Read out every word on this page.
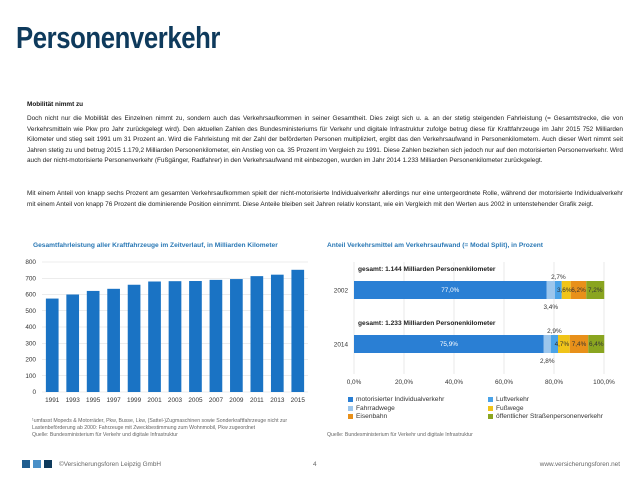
Personenverkehr
Mobilität nimmt zu
Doch nicht nur die Mobilität des Einzelnen nimmt zu, sondern auch das Verkehrsaufkommen in seiner Gesamtheit. Dies zeigt sich u. a. an der stetig steigenden Fahrleistung (= Gesamtstrecke, die von Verkehrsmitteln wie Pkw pro Jahr zurückgelegt wird). Den aktuellen Zahlen des Bundesministeriums für Verkehr und digitale Infrastruktur zufolge betrug diese für Kraftfahrzeuge im Jahr 2015 752 Milliarden Kilometer und stieg seit 1991 um 31 Prozent an. Wird die Fahrleistung mit der Zahl der beförderten Personen multipliziert, ergibt das den Verkehrsaufwand in Personenkilometern. Auch dieser Wert nimmt seit Jahren stetig zu und betrug 2015 1.179,2 Milliarden Personenkilometer, ein Anstieg von ca. 35 Prozent im Vergleich zu 1991. Diese Zahlen beziehen sich jedoch nur auf den motorisierten Personenverkehr. Wird auch der nicht-motorisierte Personenverkehr (Fußgänger, Radfahrer) in den Verkehrsaufwand mit einbezogen, wurden im Jahr 2014 1.233 Milliarden Personenkilometer zurückgelegt.
Mit einem Anteil von knapp sechs Prozent am gesamten Verkehrsaufkommen spielt der nicht-motorisierte Individualverkehr allerdings nur eine untergeordnete Rolle, während der motorisierte Individualverkehr mit einem Anteil von knapp 76 Prozent die dominierende Position einnimmt. Diese Anteile bleiben seit Jahren relativ konstant, wie ein Vergleich mit den Werten aus 2002 in untenstehender Grafik zeigt.
Gesamtfahrleistung aller Kraftfahrzeuge im Zeitverlauf, in Milliarden Kilometer	Anteil Verkehrsmittel am Verkehrsaufwand (= Modal Split), in Prozent
0
100
200
300
400
500
600
700
800
1991 1993 1995 1997 1999 2001 2003 2005 2007 2009 2011 2013 2015
0,0%	20,0%	40,0%	60,0%	80,0%	100,0%
gesamt: 1.144 Milliarden Personenkilometer
2002	77,0%
3,4%
2,7%
3,6% 6,2% 7,2%
gesamt: 1.233 Milliarden Personenkilometer
2014	75,9%
2,8%
2,9%
4,7% 7,4% 6,4%
motorisierter Individualverkehr	Luftverkehr
Fahrradwege	Fußwege
Eisenbahn	öffentlicher Straßenpersonenverkehr
¹umfasst Mopeds & Motorräder, Pkw, Busse, Lkw, (Sattel-)Zugmaschinen sowie Sonderkraftfahrzeuge nicht zur
Lastenbeförderung ab 2000: Fahrzeuge mit Zweckbestimmung zum Wohnmobil, Pkw zugeordnet
Quelle: Bundesministerium für Verkehr und digitale Infrastruktur	Quelle: Bundesministerium für Verkehr und digitale Infrastruktur
©Versicherungsforen Leipzig GmbH	4	www.versicherungsforen.net
